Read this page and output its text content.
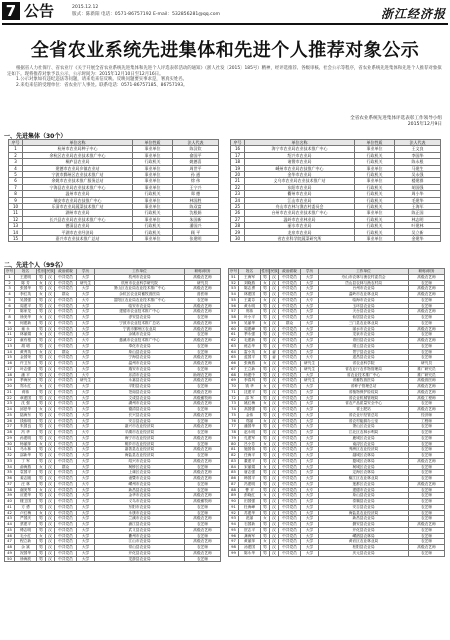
7 公告	2015.12.12
版式：陈新阳 电话：0571-86757192 E-mail：532856281@qq.com	浙江经济报
全省农业系统先进集体和先进个人推荐对象公示

根据省人力社保厅、省农业厅《关于开展全省农业系统先进集体和先进个人评选表彰活动的通知》（浙人社发〔2015〕185号）精神，经评选推荐、各级审核、社会公示等程序，省农业系统先进集体和先进个人推荐对象拟定如下。现将推荐对象予以公示，公示时间为：2015年12月10日至12月16日。

1.公示对象如有违纪违法等问题，请来电来信反映。反映问题要实事求是，署真实姓名。

2.来电来信的受理单位：省农业厅人事处。联系电话：0571-86757185、86757193。

全省农业系统先进集体评选表彰工作领导小组
2015年12月9日
一、先进集体（30个）
序号	单位名称	单位性质	法人代表
1	杭州市农业局种子中心	事业单位	陈汉钦
2	余杭区农业局农业技术推广中心	事业单位	俞国平
3	桐庐县农业局	行政机关	姚德喜
4	建德市农业局乡镇农业站	事业单位	周世平
5	宁波市鄞州区农业技术推广站	事业单位	孙 通
6	余姚市农业技术推广服务总站	事业单位	徐 伟
7	宁海县农业局农业技术推广中心	事业单位	王宁兴
8	温州市农业局	行政机关	郑 德
9	瑞安市农业局农技推广中心	事业单位	林国胜
10	乐清市农业局蔬菜技术推广站	事业单位	陈双富
11	湖州市农业局	行政机关	沈根娟
12	长兴县农业局农业技术推广中心	事业单位	朱国新
13	德清县农业局	行政机关	潘国兴
14	平湖市农业经济局	行政机关	顾 平
15	嘉兴市农业技术推广总站	事业单位	张建明
序号	单位名称	单位性质	法人代表
16	海宁市农业局农业技术推广中心	事业单位	王文良
17	绍兴市农业局	行政机关	李国华
18	诸暨市农业局	行政机关	陈永根
19	嵊州市农业局农技推广中心	事业单位	马建生
20	金华市农业局	行政机关	吴永强
21	义乌市农业局农业技术推广站	事业单位	楼建群
22	东阳市农业局	行政机关	胡国强
23	衢州市农业局	行政机关	周小华
24	江山市农业局	行政机关	毛建华
25	舟山市农林与渔农村委员会	行政机关	王海军
26	台州市农业局农业技术推广中心	事业单位	陈正国
27	温岭市农业林业局	行政机关	林志明
28	丽水市农业局	行政机关	叶建林
29	龙泉市农业局	行政机关	吴立新
30	省农业科学院蔬菜研究所	事业单位	金建华
二、先进个人（99名）
序号	姓名	性别	民族	政治面貌	学历	工作单位	职称/职务
1	王建明	男	汉	中共党员	大学	杭州市农业局	高级农艺师
2	陈 芳	女	汉	中共党员	研究生	杭州市农业科学研究院	研究员
3	张国华	男	汉	中共党员	大学	萧山区农业局农业技术推广中心	高级农艺师
4	李红英	女	汉	群众	大学	余杭区农业局畜牧兽医局	兽医师
5	吴国强	男	汉	中共党员	大专	富阳区农业局农业技术推广中心	农艺师
6	周建平	男	汉	中共党员	大学	临安市农业局	高级农艺师
7	陈家龙	男	汉	中共党员	大学	建德市农业技术推广中心	高级农艺师
8	徐美华	女	汉	中共党员	大学	淳安县农业局	农艺师
9	何建新	男	汉	中共党员	大学	宁波市农业技术推广总站	高级农艺师
10	童 永	男	汉	中共党员	大学	宁波市鄞州区农业局	高级农艺师
11	林丽娟	女	汉	中共党员	大学	余姚市农业局	农艺师
12	童有根	男	汉	中共党员	大专	慈溪市农业技术推广中心	高级农艺师
13	胡 明	男	汉	中共党员	大学	奉化市农业局	农艺师
14	黄秀英	女	汉	群众	大学	象山县农业局	农艺师
15	金国荣	男	汉	中共党员	大学	宁海县农业局	高级农艺师
16	许卫东	男	汉	中共党员	大学	温州市农业局	高级农艺师
17	叶志强	男	汉	中共党员	大学	瑞安市农业局	农艺师
18	潘 平	男	汉	中共党员	大专	乐清市农业局	助理农艺师
19	季海民	男	汉	中共党员	研究生	永嘉县农业局	高级农艺师
20	郑永红	女	汉	中共党员	大学	平阳县农业局	农艺师
21	蒋伟	男	汉	中共党员	大学	苍南县农业局	高级农艺师
22	章建国	男	汉	中共党员	大学	文成县农业局	高级畜牧师
23	沈 强	男	汉	中共党员	大学	湖州市农业局	高级农艺师
24	邱爱华	女	汉	中共党员	大学	德清县农业局	农艺师
25	陆海东	男	汉	中共党员	大学	长兴县农业局	高级农艺师
26	钱伟明	男	汉	中共党员	大学	安吉县农业局	农艺师
27	朱国良	男	汉	中共党员	大学	嘉兴市农业经济局	高级农艺师
28	冯 华	男	汉	中共党员	大专	平湖市农业经济局	农艺师
29	孙建明	男	汉	中共党员	大学	海宁市农业经济局	高级农艺师
30	杨丽萍	女	汉	中共党员	大学	桐乡市农业经济局	农艺师
31	马永林	男	汉	中共党员	大学	嘉善县农业经济局	高级农艺师
32	邵新华	男	汉	中共党员	大学	海盐县农业经济局	农艺师
33	丁 军	男	汉	中共党员	大学	绍兴市农业局	高级农艺师
34	俞海燕	女	汉	群众	大学	柯桥区农业局	农艺师
35	袁国平	男	汉	中共党员	大学	上虞区农业局	高级农艺师
36	姜志刚	男	汉	中共党员	大学	诸暨市农业局	高级农艺师
37	汪 林	男	汉	中共党员	大专	嵊州市农业局	农艺师
38	谢美琴	女	汉	中共党员	大学	新昌县农业局	农艺师
39	应建华	男	汉	中共党员	大学	金华市农业局	高级农艺师
40	楼卫国	男	汉	中共党员	大学	义乌市农业局	高级畜牧师
41	方 勇	男	汉	中共党员	大学	东阳市农业局	农艺师
42	卢红梅	女	汉	中共党员	大学	永康市农业局	农艺师
43	严国庆	男	汉	中共党员	大学	兰溪市农业局	高级农艺师
44	蔡建平	男	汉	中共党员	大学	浦江县农业局	农艺师
45	傅志明	男	汉	中共党员	大学	武义县农业局	高级农艺师
46	毛小红	女	汉	中共党员	大学	衢州市农业局	农艺师
47	程立新	男	汉	中共党员	大学	江山市农业局	高级农艺师
48	余 斌	男	汉	中共党员	大学	常山县农业局	农艺师
49	祝国华	男	汉	中共党员	大学	开化县农业局	高级农艺师
50	徐海波	男	汉	中共党员	大学	龙游县农业局	农艺师
序号	姓名	性别	民族	政治面貌	学历	工作单位	职称/职务
51	王海军	男	汉	中共党员	大学	舟山市农林与渔农村委员会	高级农艺师
52	刘晓燕	女	汉	中共党员	大学	岱山县农林与渔农村局	农艺师
53	陈志勇	男	汉	中共党员	大学	台州市农业局	高级农艺师
54	林建国	男	汉	中共党员	大学	温岭市农业林业局	高级农艺师
55	王素芬	女	汉	中共党员	大专	临海市农业局	农艺师
56	黄永明	男	汉	中共党员	大学	玉环县农业局	农艺师
57	郭伟	男	汉	中共党员	大学	天台县农业局	高级农艺师
58	叶小平	男	汉	中共党员	大学	仙居县农业局	农艺师
59	吴丽华	女	汉	群众	大学	三门县农业林业局	农艺师
60	周建峰	男	汉	中共党员	大学	丽水市农业局	高级农艺师
61	季永强	男	汉	中共党员	大学	龙泉市农业局	农艺师
62	毛建新	男	汉	中共党员	大学	青田县农业局	高级农艺师
63	练志华	男	汉	中共党员	大学	缙云县农业局	农艺师
64	雷小英	女	畲	中共党员	大学	景宁县农业局	农艺师
65	蓝国平	男	畲	中共党员	大专	遂昌县农业局	农艺师
66	张海燕	女	汉	中共党员	研究生	省农业科学院	研究员
67	王立新	男	汉	中共党员	研究生	省农业厅农作物管理局	推广研究员
68	杨建中	男	汉	中共党员	大学	省农业技术推广中心	推广研究员
69	李春风	男	汉	中共党员	研究生	省畜牧兽医局	高级兽医师
70	钱 华	女	汉	中共党员	大学	省种子管理总站	高级农艺师
71	沈建平	男	汉	中共党员	大学	省植物保护检疫局	高级农艺师
72	邵 军	男	汉	中共党员	大学	省农业机械管理局	高级工程师
73	姚红梅	女	汉	中共党员	大学	省农产品质量安全中心	农艺师
74	高国强	男	汉	中共党员	大学	省土肥站	高级农艺师
75	金伟	男	汉	中共党员	大学	省农业厅经管总站	经济师
76	郑丽	女	汉	中共党员	大学	省农村能源办公室	工程师
77	潘国华	男	汉	中共党员	大学	萧山区农业局	农艺师
78	赵永明	男	汉	中共党员	大学	江北区农林水利局	农艺师
79	孔建军	男	汉	中共党员	大学	鹿城区农业局	农艺师
80	吕小芳	女	汉	中共党员	大学	南浔区农业局	农艺师
81	施国伟	男	汉	中共党员	大学	秀洲区农业经济局	农艺师
82	任海平	男	汉	中共党员	大学	越城区农林局	农艺师
83	董建平	男	汉	中共党员	大学	婺城区农林局	高级农艺师
84	宋丽娟	女	汉	中共党员	大学	柯城区农业局	农艺师
85	唐志强	男	汉	中共党员	大学	定海区农林局	农艺师
86	韩国平	男	汉	中共党员	大学	椒江区农业林业局	农艺师
87	冯建明	男	汉	中共党员	大学	莲都区农业局	高级农艺师
88	曹 平	男	汉	中共党员	大专	建德市农业局	农艺师
89	彭晓红	女	汉	中共党员	大学	象山县农业局	农艺师
90	田国强	男	汉	中共党员	大学	泰顺县农业局	农艺师
91	杜海峰	男	汉	中共党员	大学	安吉县农业局	农艺师
92	苏建华	男	汉	中共党员	大学	海盐县农业经济局	农艺师
93	范丽	女	汉	中共党员	大学	新昌县农业局	农艺师
94	石国新	男	汉	中共党员	大学	磐安县农业局	高级农艺师
95	贺志平	男	汉	中共党员	大学	开化县农业局	农艺师
96	龚海军	男	汉	中共党员	大学	嵊泗县农林局	农艺师
97	黄丽萍	女	汉	中共党员	大学	黄岩区农业林业局	农艺师
98	汤建国	男	汉	中共党员	大学	松阳县农业局	高级农艺师
99	陈永华	男	汉	中共党员	大学	庆元县农业局	农艺师
